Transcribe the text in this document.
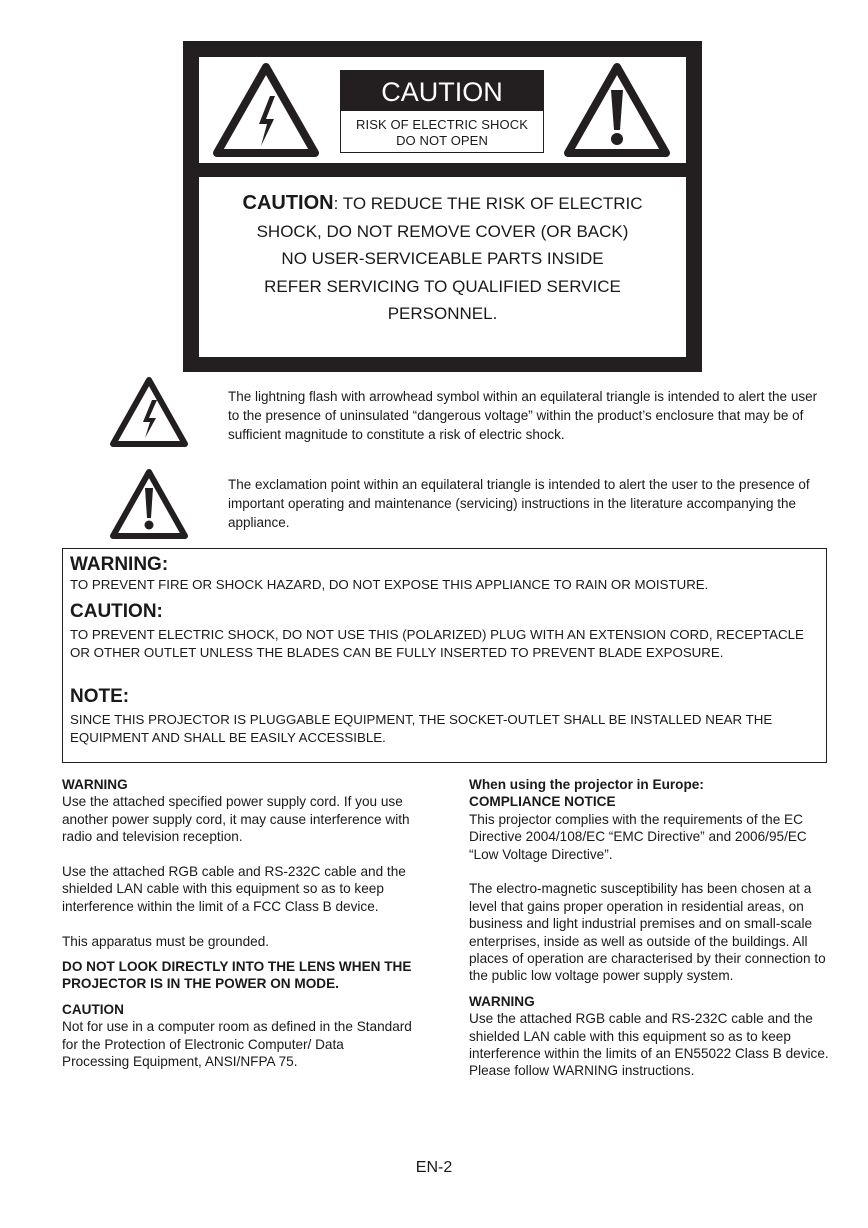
CAUTION
RISK OF ELECTRIC SHOCK
DO NOT OPEN
CAUTION: TO REDUCE THE RISK OF ELECTRIC
SHOCK, DO NOT REMOVE COVER (OR BACK)
NO USER-SERVICEABLE PARTS INSIDE
REFER SERVICING TO QUALIFIED SERVICE
PERSONNEL.
The lightning flash with arrowhead symbol within an equilateral triangle is intended to alert the user to the presence of uninsulated “dangerous voltage” within the product’s enclosure that may be of sufficient magnitude to constitute a risk of electric shock.
The exclamation point within an equilateral triangle is intended to alert the user to the presence of important operating and maintenance (servicing) instructions in the literature accompanying the appliance.
WARNING:
TO PREVENT FIRE OR SHOCK HAZARD, DO NOT EXPOSE THIS APPLIANCE TO RAIN OR MOISTURE.
CAUTION:
TO PREVENT ELECTRIC SHOCK, DO NOT USE THIS (POLARIZED) PLUG WITH AN EXTENSION CORD, RECEPTACLE OR OTHER OUTLET UNLESS THE BLADES CAN BE FULLY INSERTED TO PREVENT BLADE EXPOSURE.
NOTE:
SINCE THIS PROJECTOR IS PLUGGABLE EQUIPMENT, THE SOCKET-OUTLET SHALL BE INSTALLED NEAR THE EQUIPMENT AND SHALL BE EASILY ACCESSIBLE.

WARNING

Use the attached specified power supply cord. If you use another power supply cord, it may cause interference with radio and television reception.

Use the attached RGB cable and RS-232C cable and the shielded LAN cable with this equipment so as to keep interference within the limit of a FCC Class B device.

This apparatus must be grounded.

DO NOT LOOK DIRECTLY INTO THE LENS WHEN THE PROJECTOR IS IN THE POWER ON MODE.

CAUTION

Not for use in a computer room as defined in the Standard for the Protection of Electronic Computer/ Data Processing Equipment, ANSI/NFPA 75.

When using the projector in Europe:

COMPLIANCE NOTICE

This projector complies with the requirements of the EC Directive 2004/108/EC “EMC Directive” and 2006/95/EC “Low Voltage Directive”.

The electro-magnetic susceptibility has been chosen at a level that gains proper operation in residential areas, on business and light industrial premises and on small-scale enterprises, inside as well as outside of the buildings. All places of operation are characterised by their connection to the public low voltage power supply system.

WARNING

Use the attached RGB cable and RS-232C cable and the shielded LAN cable with this equipment so as to keep interference within the limits of an EN55022 Class B device.

Please follow WARNING instructions.

EN-2
